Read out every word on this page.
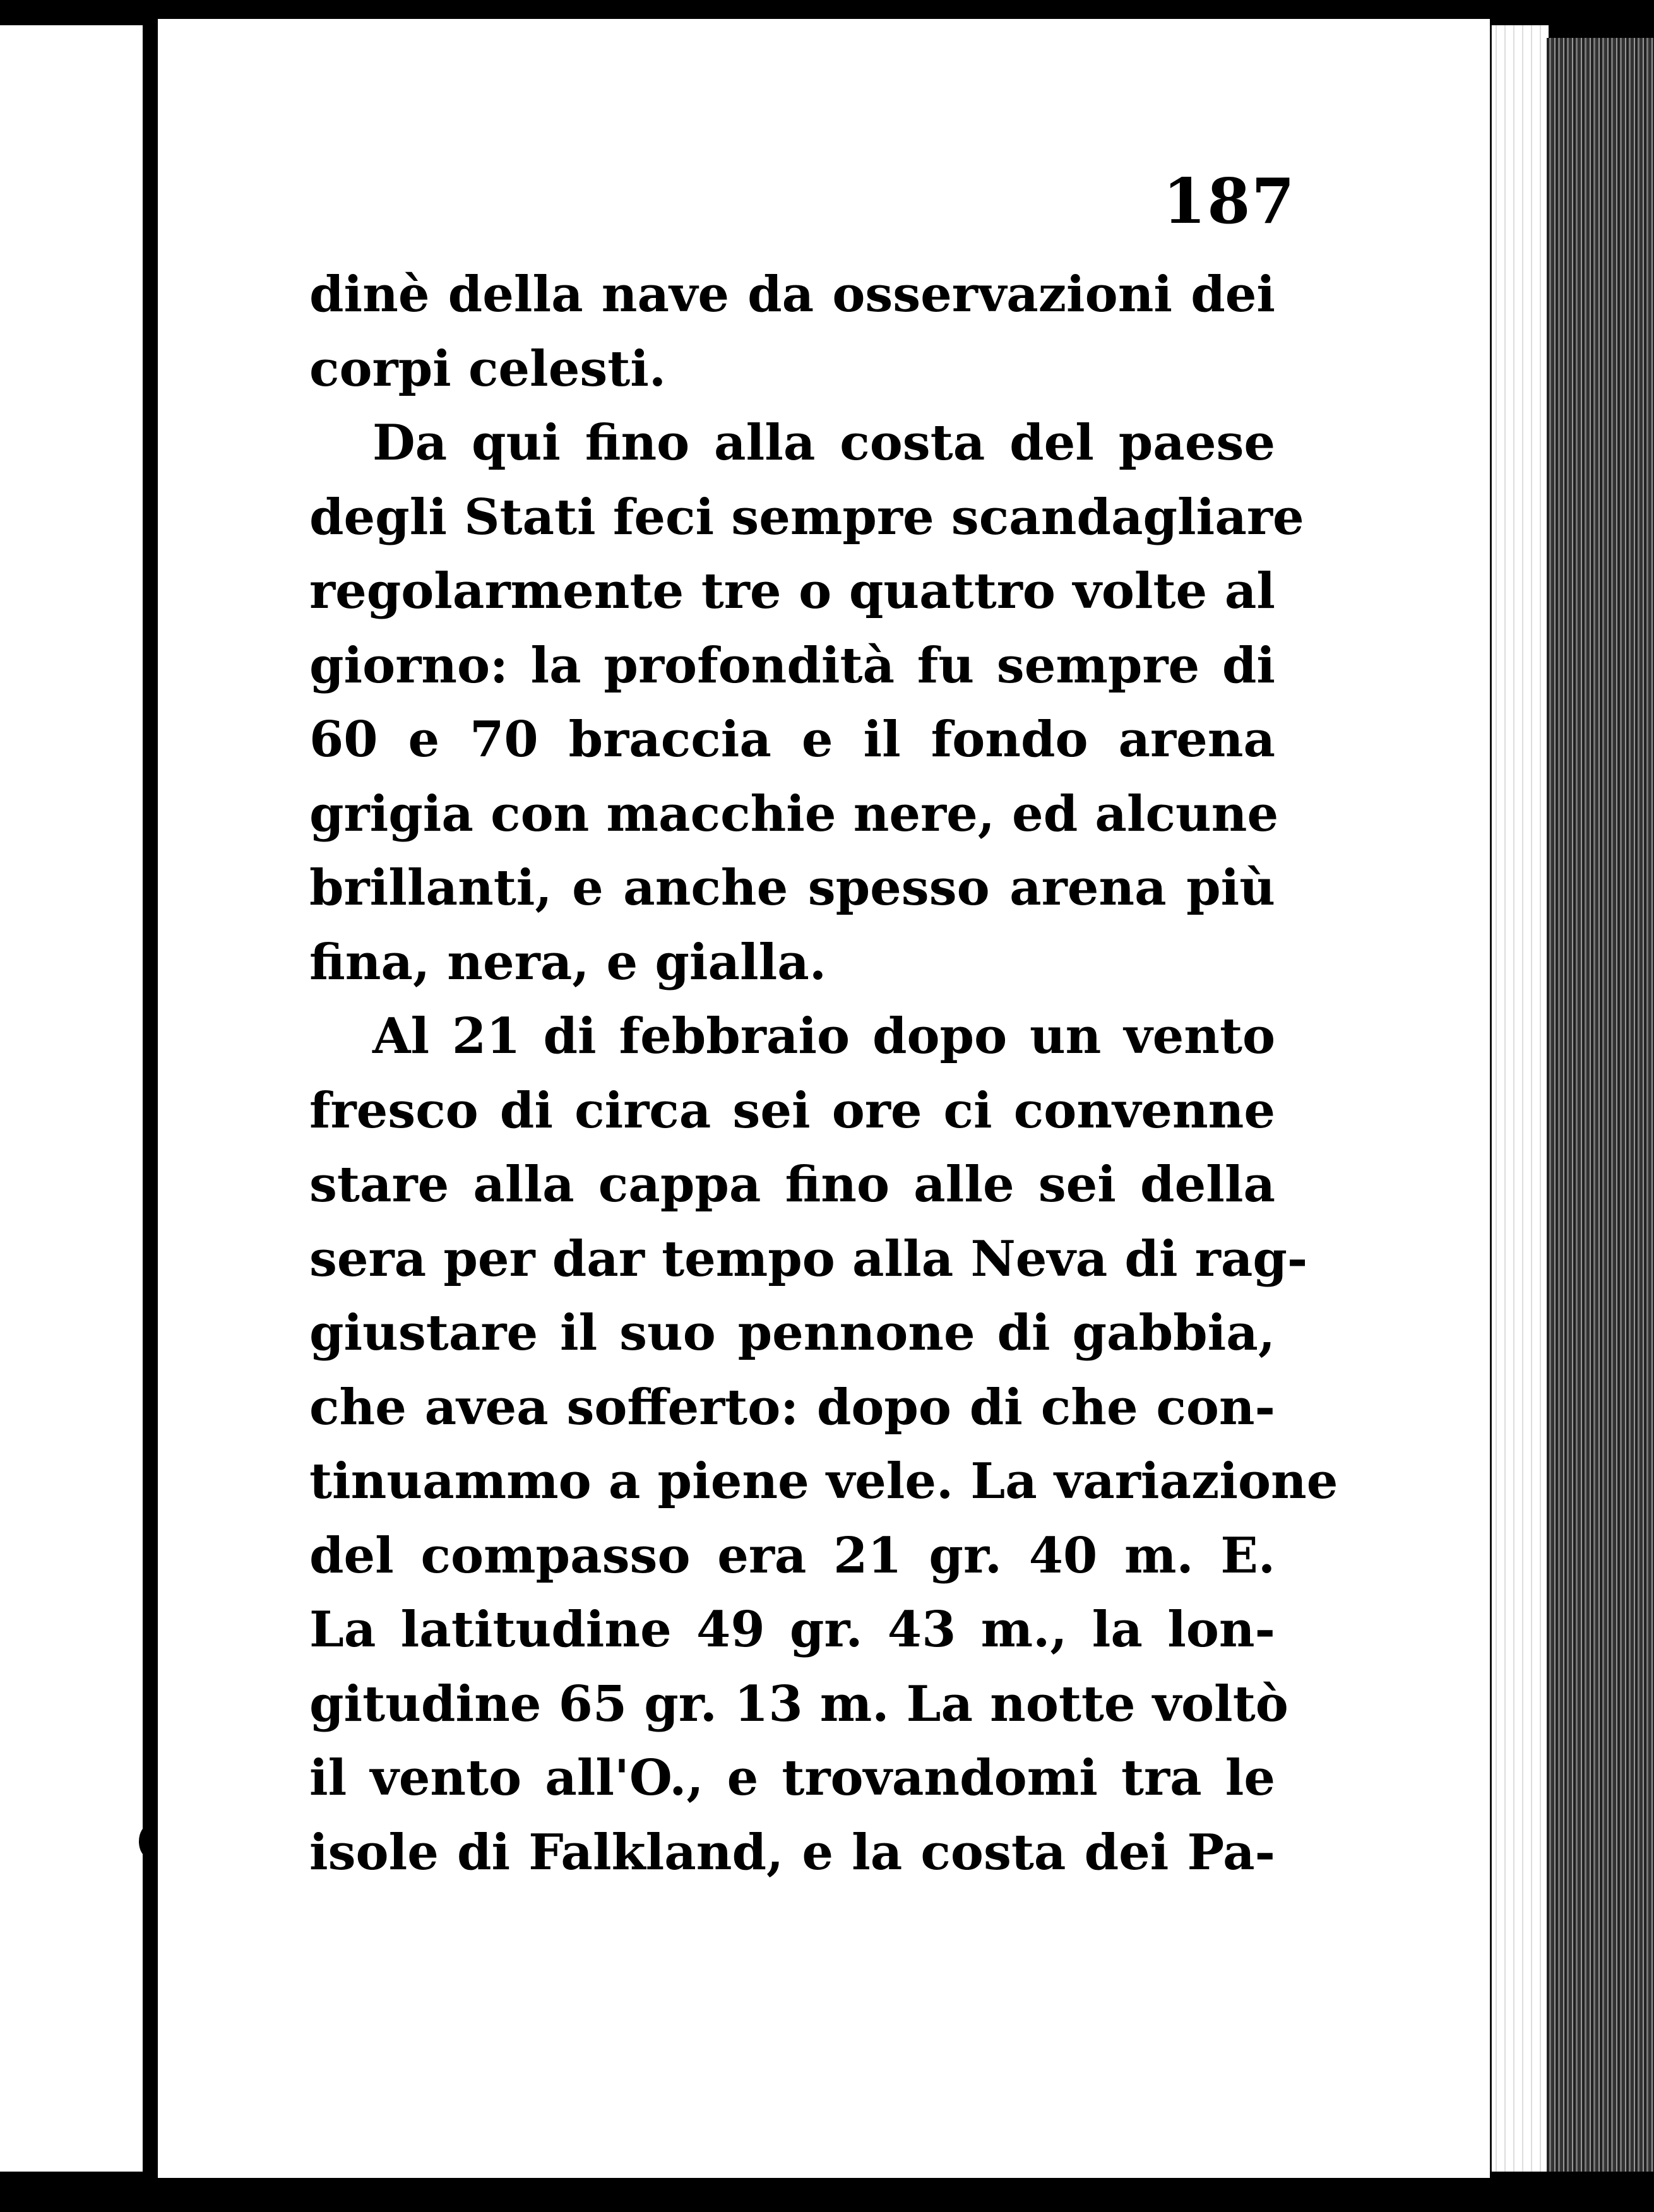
187
dinè della nave da osservazioni dei
corpi celesti.
Da qui fino alla costa del paese
degli Stati feci sempre scandagliare
regolarmente tre o quattro volte al
giorno: la profondità fu sempre di
60 e 70 braccia e il fondo arena
grigia con macchie nere, ed alcune
brillanti, e anche spesso arena più
fina, nera, e gialla.
Al 21 di febbraio dopo un vento
fresco di circa sei ore ci convenne
stare alla cappa fino alle sei della
sera per dar tempo alla Neva di rag-
giustare il suo pennone di gabbia,
che avea sofferto: dopo di che con-
tinuammo a piene vele. La variazione
del compasso era 21 gr. 40 m. E.
La latitudine 49 gr. 43 m., la lon-
gitudine 65 gr. 13 m. La notte voltò
il vento all'O., e trovandomi tra le
isole di Falkland, e la costa dei Pa-
